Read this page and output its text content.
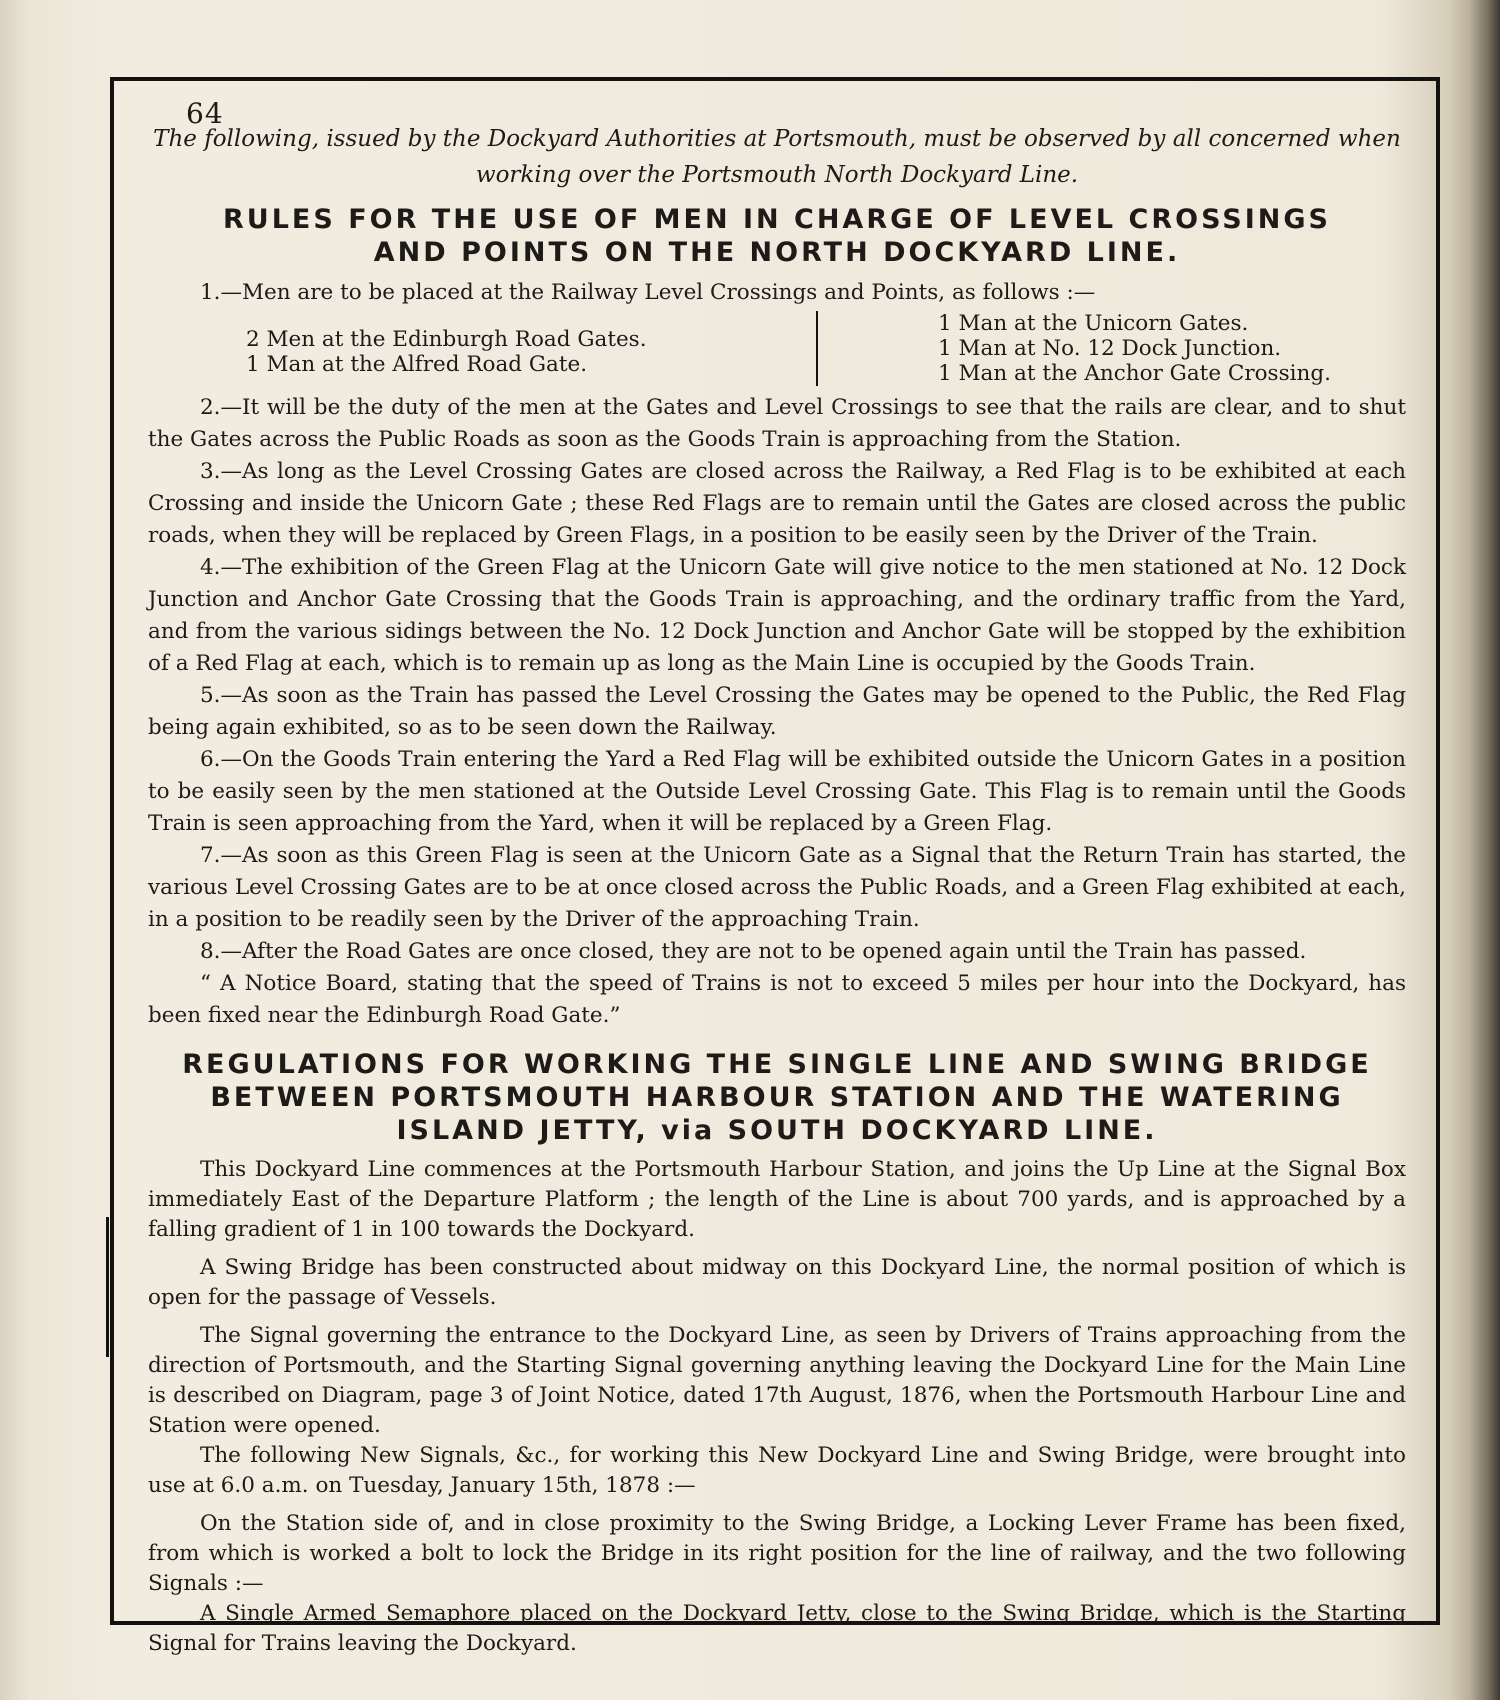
64

The following, issued by the Dockyard Authorities at Portsmouth, must be observed by all concerned when working over the Portsmouth North Dockyard Line.

RULES FOR THE USE OF MEN IN CHARGE OF LEVEL CROSSINGS
AND POINTS ON THE NORTH DOCKYARD LINE.

1.—Men are to be placed at the Railway Level Crossings and Points, as follows :—

2 Men at the Edinburgh Road Gates.
1 Man at the Alfred Road Gate.
1 Man at the Unicorn Gates.
1 Man at No. 12 Dock Junction.
1 Man at the Anchor Gate Crossing.

2.—It will be the duty of the men at the Gates and Level Crossings to see that the rails are clear, and to shut the Gates across the Public Roads as soon as the Goods Train is approaching from the Station.

3.—As long as the Level Crossing Gates are closed across the Railway, a Red Flag is to be exhibited at each Crossing and inside the Unicorn Gate ; these Red Flags are to remain until the Gates are closed across the public roads, when they will be replaced by Green Flags, in a position to be easily seen by the Driver of the Train.

4.—The exhibition of the Green Flag at the Unicorn Gate will give notice to the men stationed at No. 12 Dock Junction and Anchor Gate Crossing that the Goods Train is approaching, and the ordinary traffic from the Yard, and from the various sidings between the No. 12 Dock Junction and Anchor Gate will be stopped by the exhibition of a Red Flag at each, which is to remain up as long as the Main Line is occupied by the Goods Train.

5.—As soon as the Train has passed the Level Crossing the Gates may be opened to the Public, the Red Flag being again exhibited, so as to be seen down the Railway.

6.—On the Goods Train entering the Yard a Red Flag will be exhibited outside the Unicorn Gates in a position to be easily seen by the men stationed at the Outside Level Crossing Gate. This Flag is to remain until the Goods Train is seen approaching from the Yard, when it will be replaced by a Green Flag.

7.—As soon as this Green Flag is seen at the Unicorn Gate as a Signal that the Return Train has started, the various Level Crossing Gates are to be at once closed across the Public Roads, and a Green Flag exhibited at each, in a position to be readily seen by the Driver of the approaching Train.

8.—After the Road Gates are once closed, they are not to be opened again until the Train has passed.

“ A Notice Board, stating that the speed of Trains is not to exceed 5 miles per hour into the Dockyard, has been fixed near the Edinburgh Road Gate.”

REGULATIONS FOR WORKING THE SINGLE LINE AND SWING BRIDGE
BETWEEN PORTSMOUTH HARBOUR STATION AND THE WATERING
ISLAND JETTY, via SOUTH DOCKYARD LINE.

This Dockyard Line commences at the Portsmouth Harbour Station, and joins the Up Line at the Signal Box immediately East of the Departure Platform ; the length of the Line is about 700 yards, and is approached by a falling gradient of 1 in 100 towards the Dockyard.

A Swing Bridge has been constructed about midway on this Dockyard Line, the normal position of which is open for the passage of Vessels.

The Signal governing the entrance to the Dockyard Line, as seen by Drivers of Trains approaching from the direction of Portsmouth, and the Starting Signal governing anything leaving the Dockyard Line for the Main Line is described on Diagram, page 3 of Joint Notice, dated 17th August, 1876, when the Portsmouth Harbour Line and Station were opened.

The following New Signals, &c., for working this New Dockyard Line and Swing Bridge, were brought into use at 6.0 a.m. on Tuesday, January 15th, 1878 :—

On the Station side of, and in close proximity to the Swing Bridge, a Locking Lever Frame has been fixed, from which is worked a bolt to lock the Bridge in its right position for the line of railway, and the two following Signals :—

A Single Armed Semaphore placed on the Dockyard Jetty, close to the Swing Bridge, which is the Starting Signal for Trains leaving the Dockyard.
